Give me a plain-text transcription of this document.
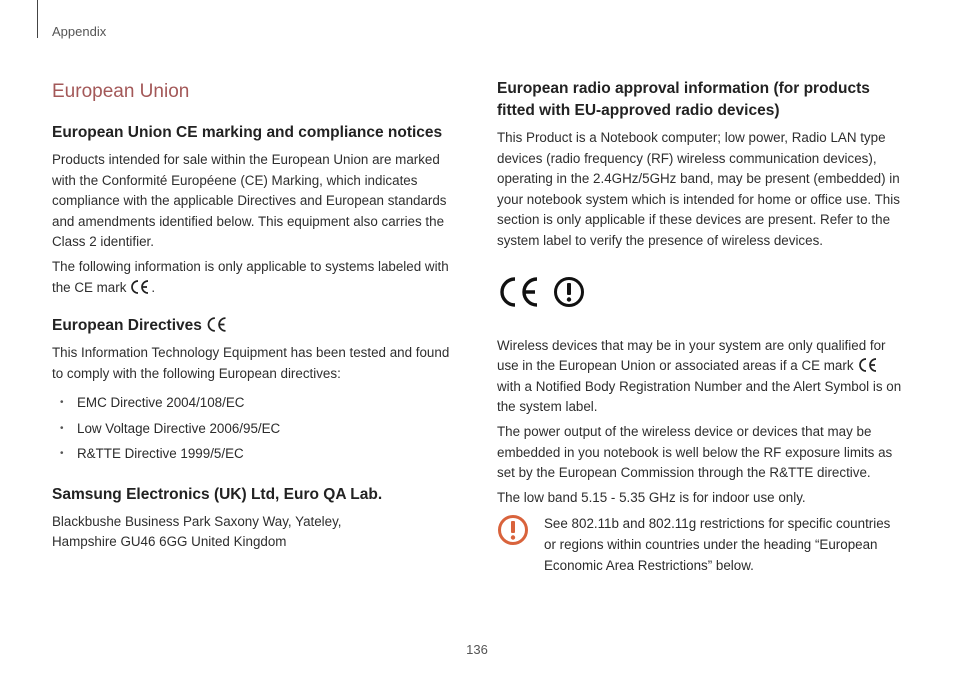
Appendix
European Union
European Union CE marking and compliance notices

Products intended for sale within the European Union are marked with the Conformité Européene (CE) Marking, which indicates compliance with the applicable Directives and European standards and amendments identified below. This equipment also carries the Class 2 identifier.

The following information is only applicable to systems labeled with the CE mark .

European Directives

This Information Technology Equipment has been tested and found to comply with the following European directives:

•	EMC Directive 2004/108/EC
•	Low Voltage Directive 2006/95/EC
•	R&TTE Directive 1999/5/EC
Samsung Electronics (UK) Ltd, Euro QA Lab.

Blackbushe Business Park Saxony Way, Yateley,
Hampshire GU46 6GG United Kingdom

European radio approval information (for products fitted with EU-approved radio devices)

This Product is a Notebook computer; low power, Radio LAN type devices (radio frequency (RF) wireless communication devices), operating in the 2.4GHz/5GHz band, may be present (embedded) in your notebook system which is intended for home or office use. This section is only applicable if these devices are present. Refer to the system label to verify the presence of wireless devices.

Wireless devices that may be in your system are only qualified for use in the European Union or associated areas if a CE mark with a Notified Body Registration Number and the Alert Symbol is on the system label.

The power output of the wireless device or devices that may be embedded in you notebook is well below the RF exposure limits as set by the European Commission through the R&TTE directive.

The low band 5.15 - 5.35 GHz is for indoor use only.

See 802.11b and 802.11g restrictions for specific countries or regions within countries under the heading “European Economic Area Restrictions” below.
136
